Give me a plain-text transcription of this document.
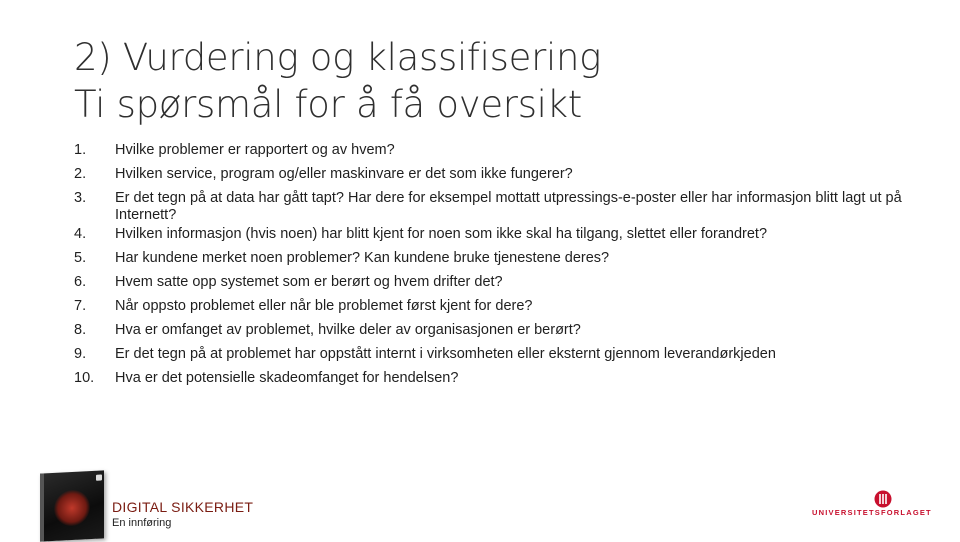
2) Vurdering og klassifisering
Ti spørsmål for å få oversikt
1.	Hvilke problemer er rapportert og av hvem?
2.	Hvilken service, program og/eller maskinvare er det som ikke fungerer?
3.	Er det tegn på at data har gått tapt? Har dere for eksempel mottatt utpressings-e-poster eller har informasjon blitt lagt ut på Internett?
4.	Hvilken informasjon (hvis noen) har blitt kjent for noen som ikke skal ha tilgang, slettet eller forandret?
5.	Har kundene merket noen problemer? Kan kundene bruke tjenestene deres?
6.	Hvem satte opp systemet som er berørt og hvem drifter det?
7.	Når oppsto problemet eller når ble problemet først kjent for dere?
8.	Hva er omfanget av problemet, hvilke deler av organisasjonen er berørt?
9.	Er det tegn på at problemet har oppstått internt i virksomheten eller eksternt gjennom leverandørkjeden
10.	Hva er det potensielle skadeomfanget for hendelsen?
DIGITAL SIKKERHET
En innføring
UNIVERSITETSFORLAGET
